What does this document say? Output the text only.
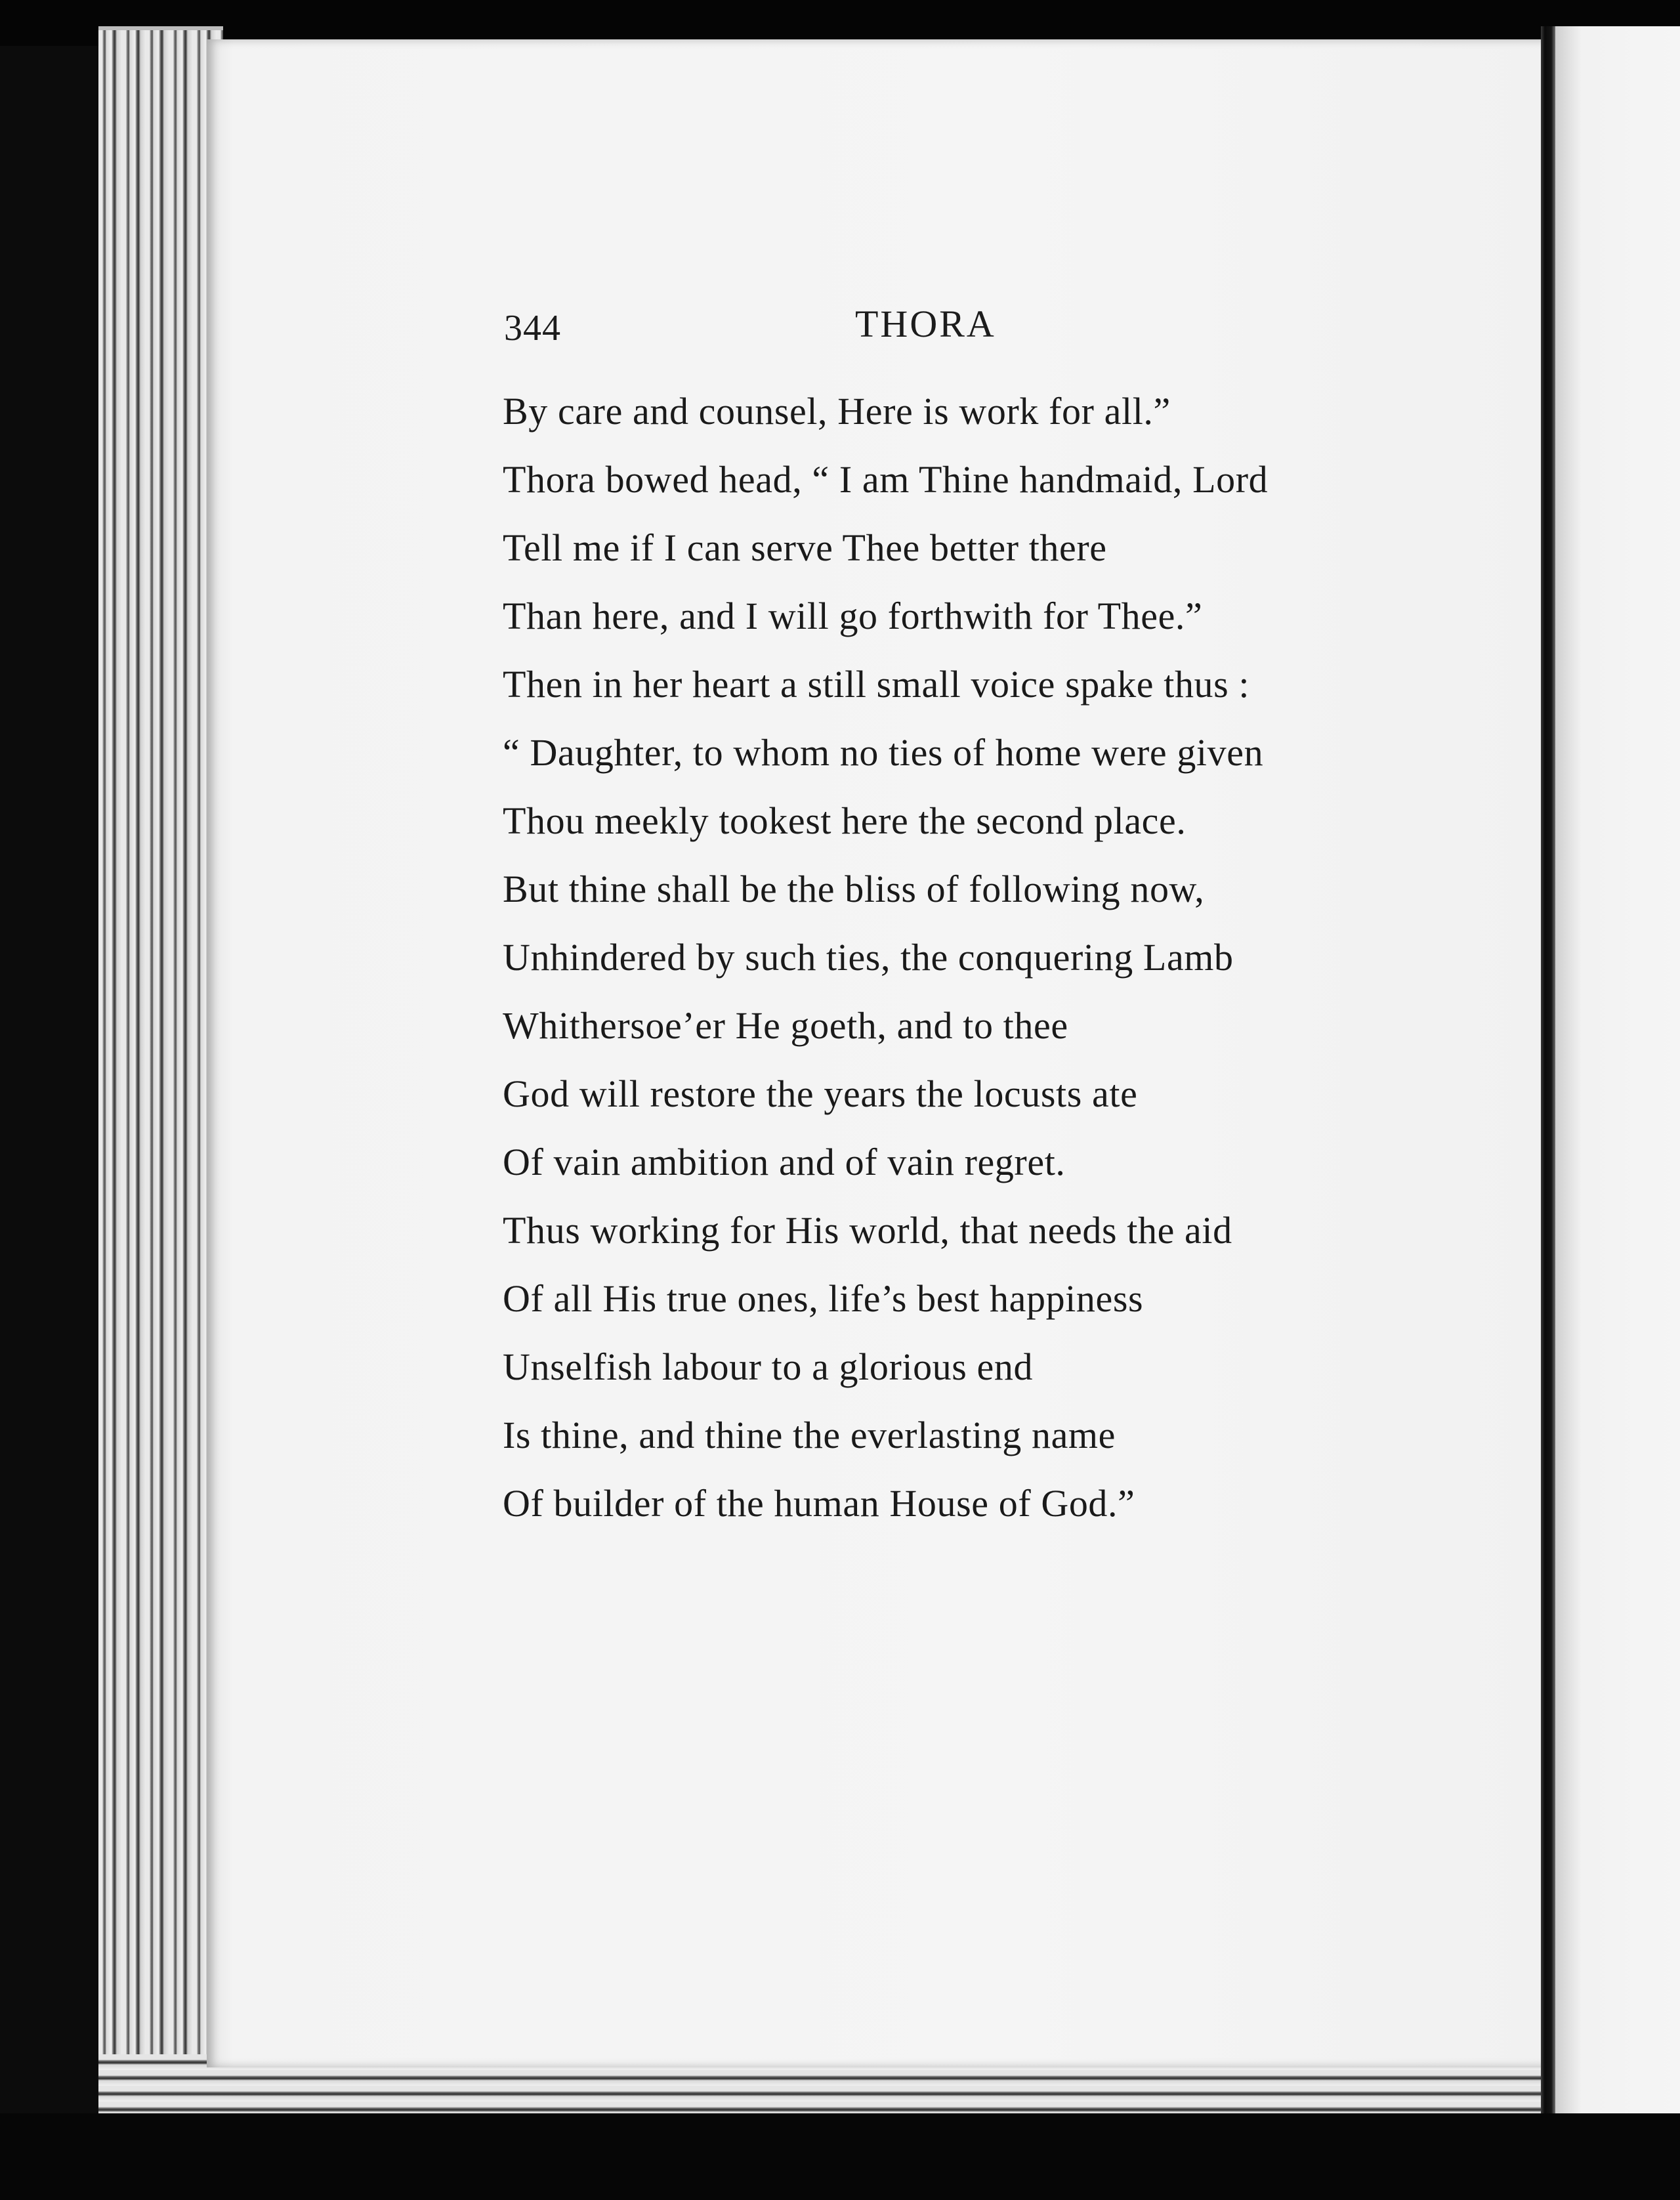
344	THORA
By care and counsel, Here is work for all.”
Thora bowed head, “ I am Thine handmaid, Lord
Tell me if I can serve Thee better there
Than here, and I will go forthwith for Thee.”
Then in her heart a still small voice spake thus :
“ Daughter, to whom no ties of home were given
Thou meekly tookest here the second place.
But thine shall be the bliss of following now,
Unhindered by such ties, the conquering Lamb
Whithersoe’er He goeth, and to thee
God will restore the years the locusts ate
Of vain ambition and of vain regret.
Thus working for His world, that needs the aid
Of all His true ones, life’s best happiness
Unselfish labour to a glorious end
Is thine, and thine the everlasting name
Of builder of the human House of God.”
